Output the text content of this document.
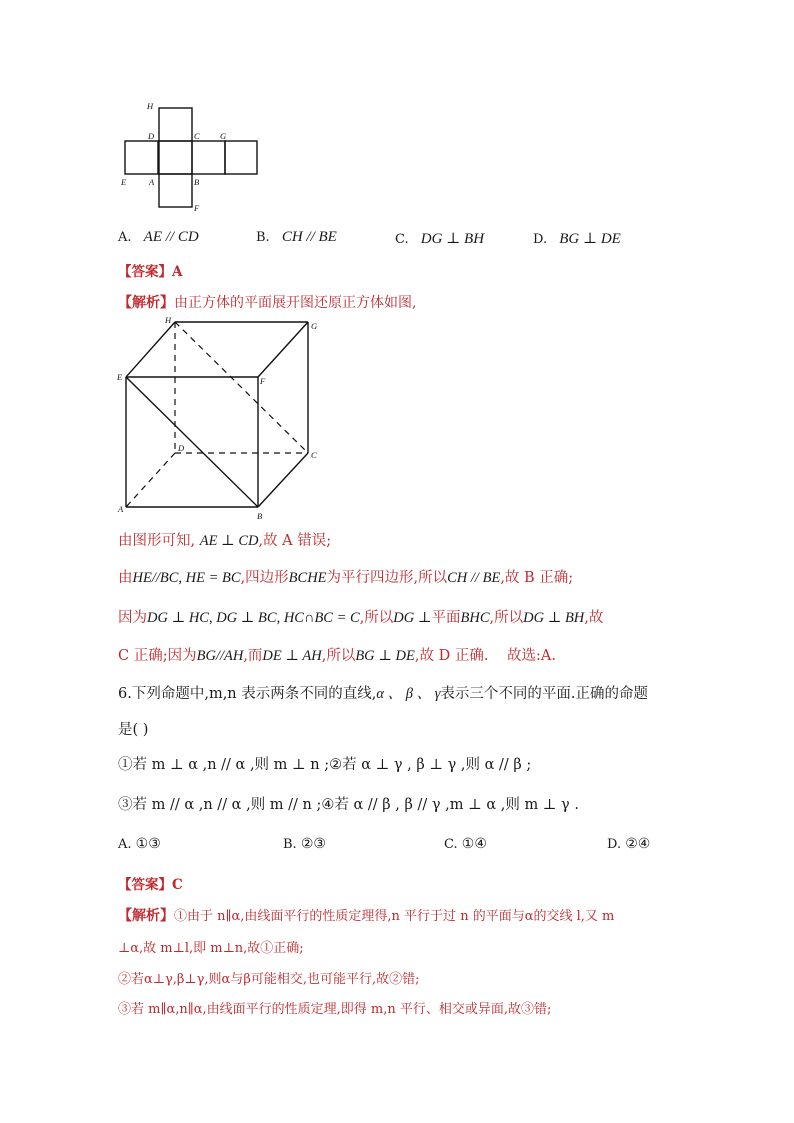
H
D	C G
E	A	B
F
A. AE // CD	B. CH // BE	C. DG ⊥ BH	D. BG ⊥ DE
【答案】A
【解析】由正方体的平面展开图还原正方体如图,
H
G
E	F
D
C
A
B
由图形可知, AE ⊥ CD,故 A 错误;
由HE//BC, HE = BC,四边形BCHE为平行四边形,所以CH // BE,故 B 正确;
因为DG ⊥ HC, DG ⊥ BC, HC∩BC = C,所以DG ⊥平面BHC,所以DG ⊥ BH,故
C 正确;因为BG//AH,而DE ⊥ AH,所以BG ⊥ DE,故 D 正确. 故选:A.
6.下列命题中,m,n 表示两条不同的直线,α 、 β 、 γ表示三个不同的平面.正确的命题
是( )
①若 m ⊥ α ,n // α ,则 m ⊥ n ;②若 α ⊥ γ , β ⊥ γ ,则 α // β ;
③若 m // α ,n // α ,则 m // n ;④若 α // β , β // γ ,m ⊥ α ,则 m ⊥ γ .
A. ①③	B. ②③	C. ①④	D. ②④
【答案】C
【解析】①由于 n∥α,由线面平行的性质定理得,n 平行于过 n 的平面与α的交线 l,又 m
⊥α,故 m⊥l,即 m⊥n,故①正确;
②若α⊥γ,β⊥γ,则α与β可能相交,也可能平行,故②错;
③若 m∥α,n∥α,由线面平行的性质定理,即得 m,n 平行、相交或异面,故③错;
